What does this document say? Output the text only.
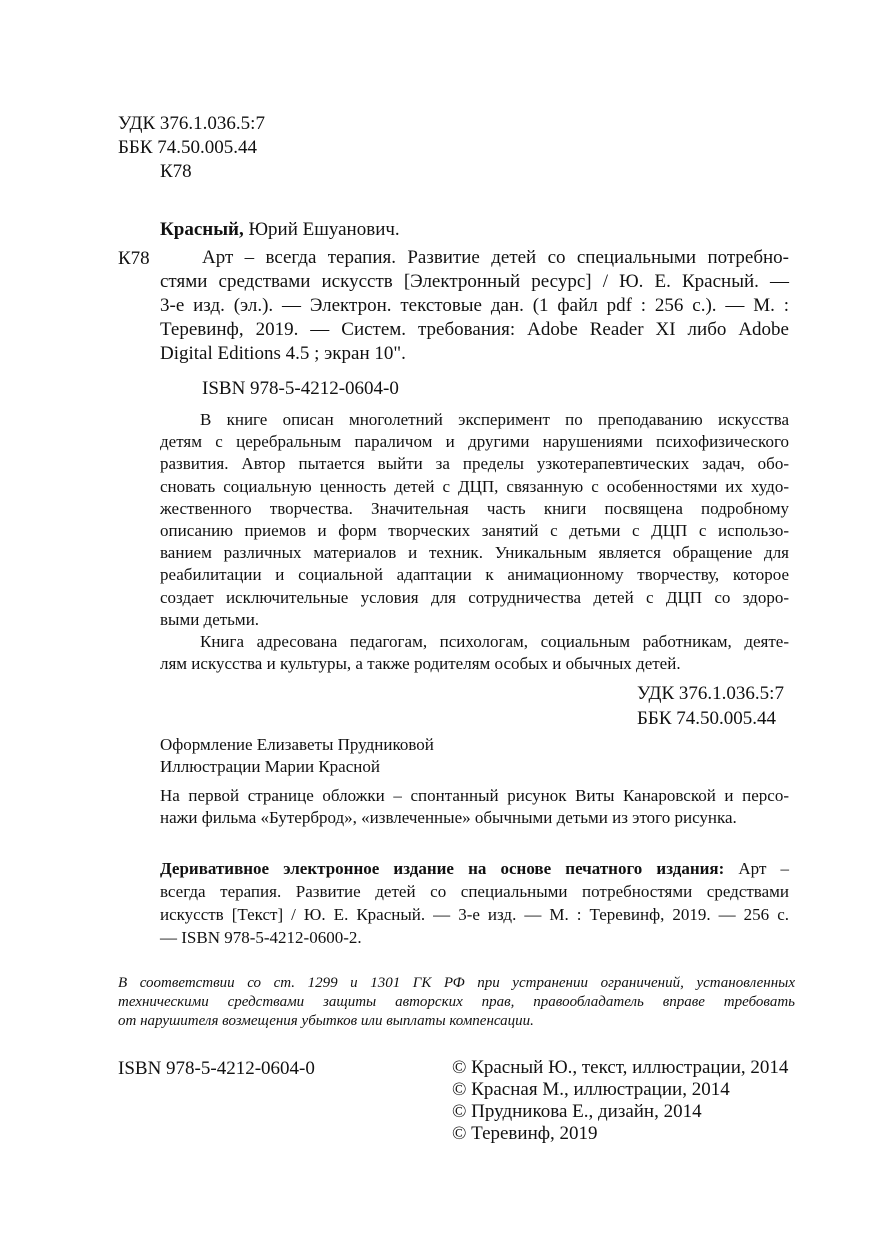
УДК 376.1.036.5:7
ББК 74.50.005.44
К78
Красный, Юрий Ешуанович.
К78	Арт – всегда терапия. Развитие детей со специальными потребно-
стями средствами искусств [Электронный ресурс] / Ю. Е. Красный. —
3-е изд. (эл.). — Электрон. текстовые дан. (1 файл pdf : 256 с.). — М. :
Теревинф, 2019. — Систем. требования: Adobe Reader XI либо Adobe
Digital Editions 4.5 ; экран 10".
ISBN 978-5-4212-0604-0
В книге описан многолетний эксперимент по преподаванию искусства
детям с церебральным параличом и другими нарушениями психофизического
развития. Автор пытается выйти за пределы узкотерапевтических задач, обо-
сновать социальную ценность детей с ДЦП, связанную с особенностями их худо-
жественного творчества. Значительная часть книги посвящена подробному
описанию приемов и форм творческих занятий с детьми с ДЦП с использо-
ванием различных материалов и техник. Уникальным является обращение для
реабилитации и социальной адаптации к анимационному творчеству, которое
создает исключительные условия для сотрудничества детей с ДЦП со здоро-
выми детьми.
Книга адресована педагогам, психологам, социальным работникам, деяте-
лям искусства и культуры, а также родителям особых и обычных детей.
УДК 376.1.036.5:7
ББК 74.50.005.44
Оформление Елизаветы Прудниковой
Иллюстрации Марии Красной
На первой странице обложки – спонтанный рисунок Виты Канаровской и персо-
нажи фильма «Бутерброд», «извлеченные» обычными детьми из этого рисунка.
Деривативное электронное издание на основе печатного издания: Арт –
всегда терапия. Развитие детей со специальными потребностями средствами
искусств [Текст] / Ю. Е. Красный. — 3-е изд. — М. : Теревинф, 2019. — 256 с.
— ISBN 978-5-4212-0600-2.
В соответствии со ст. 1299 и 1301 ГК РФ при устранении ограничений, установленных
техническими средствами защиты авторских прав, правообладатель вправе требовать
от нарушителя возмещения убытков или выплаты компенсации.
ISBN 978-5-4212-0604-0	© Красный Ю., текст, иллюстрации, 2014
© Красная М., иллюстрации, 2014
© Прудникова Е., дизайн, 2014
© Теревинф, 2019
